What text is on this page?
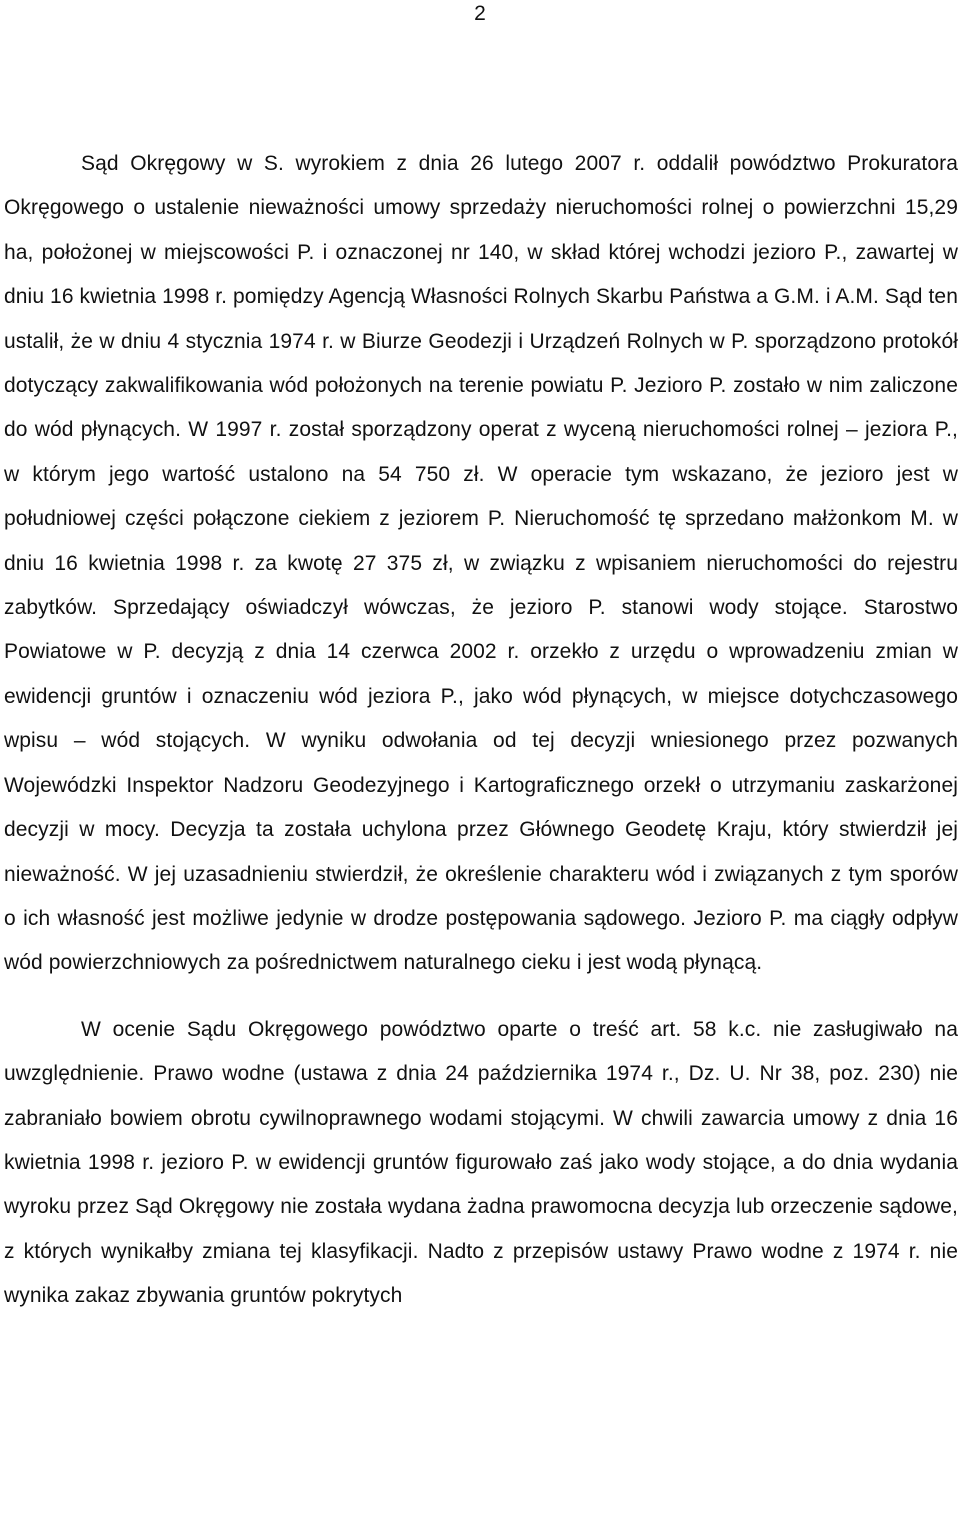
2

Sąd Okręgowy w S. wyrokiem z dnia 26 lutego 2007 r. oddalił powództwo Prokuratora Okręgowego o ustalenie nieważności umowy sprzedaży nieruchomości rolnej o powierzchni 15,29 ha, położonej w miejscowości P. i oznaczonej nr 140, w skład której wchodzi jezioro P., zawartej w dniu 16 kwietnia 1998 r. pomiędzy Agencją Własności Rolnych Skarbu Państwa a G.M. i A.M. Sąd ten ustalił, że w dniu 4 stycznia 1974 r. w Biurze Geodezji i Urządzeń Rolnych w P. sporządzono protokół dotyczący zakwalifikowania wód położonych na terenie powiatu P. Jezioro P. zostało w nim zaliczone do wód płynących. W 1997 r. został sporządzony operat z wyceną nieruchomości rolnej – jeziora P., w którym jego wartość ustalono na 54 750 zł. W operacie tym wskazano, że jezioro jest w południowej części połączone ciekiem z jeziorem P. Nieruchomość tę sprzedano małżonkom M. w dniu 16 kwietnia 1998 r. za kwotę 27 375 zł, w związku z wpisaniem nieruchomości do rejestru zabytków. Sprzedający oświadczył wówczas, że jezioro P. stanowi wody stojące. Starostwo Powiatowe w P. decyzją z dnia 14 czerwca 2002 r. orzekło z urzędu o wprowadzeniu zmian w ewidencji gruntów i oznaczeniu wód jeziora P., jako wód płynących, w miejsce dotychczasowego wpisu – wód stojących. W wyniku odwołania od tej decyzji wniesionego przez pozwanych Wojewódzki Inspektor Nadzoru Geodezyjnego i Kartograficznego orzekł o utrzymaniu zaskarżonej decyzji w mocy. Decyzja ta została uchylona przez Głównego Geodetę Kraju, który stwierdził jej nieważność. W jej uzasadnieniu stwierdził, że określenie charakteru wód i związanych z tym sporów o ich własność jest możliwe jedynie w drodze postępowania sądowego. Jezioro P. ma ciągły odpływ wód powierzchniowych za pośrednictwem naturalnego cieku i jest wodą płynącą.

W ocenie Sądu Okręgowego powództwo oparte o treść art. 58 k.c. nie zasługiwało na uwzględnienie. Prawo wodne (ustawa z dnia 24 października 1974 r., Dz. U. Nr 38, poz. 230) nie zabraniało bowiem obrotu cywilnoprawnego wodami stojącymi. W chwili zawarcia umowy z dnia 16 kwietnia 1998 r. jezioro P. w ewidencji gruntów figurowało zaś jako wody stojące, a do dnia wydania wyroku przez Sąd Okręgowy nie została wydana żadna prawomocna decyzja lub orzeczenie sądowe, z których wynikałby zmiana tej klasyfikacji. Nadto z przepisów ustawy Prawo wodne z 1974 r. nie wynika zakaz zbywania gruntów pokrytych
